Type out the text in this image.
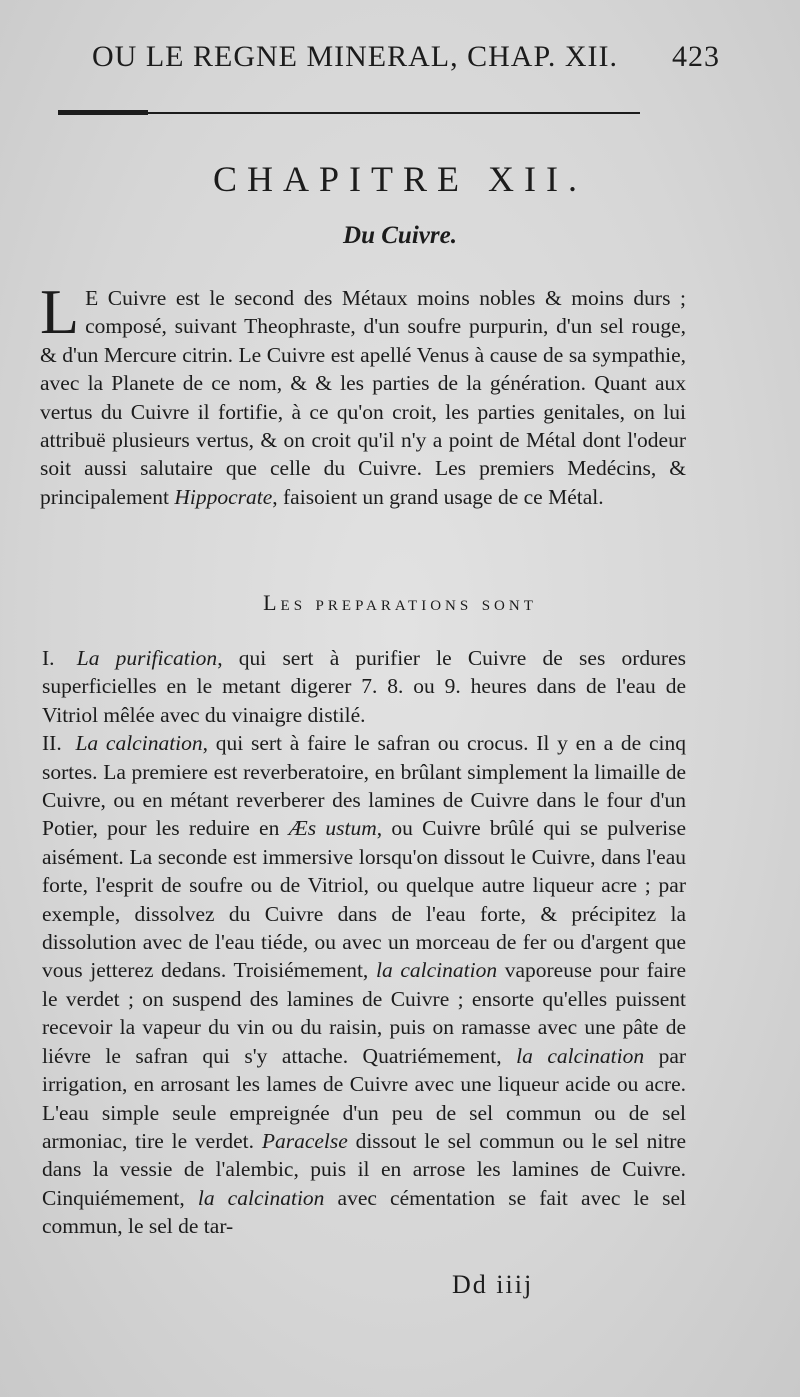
OU LE REGNE MINERAL, CHAP. XII. 423
CHAPITRE XII.
Du Cuivre.
L E Cuivre est le second des Métaux moins nobles & moins durs ; composé, suivant Theophraste, d'un soufre purpurin, d'un sel rouge, & d'un Mercure citrin. Le Cuivre est apellé Venus à cause de sa sympathie, avec la Planete de ce nom, & & les parties de la génération. Quant aux vertus du Cuivre il fortifie, à ce qu'on croit, les parties genitales, on lui attribuë plusieurs vertus, & on croit qu'il n'y a point de Métal dont l'odeur soit aussi salutaire que celle du Cuivre. Les premiers Medécins, & principalement Hippocrate, faisoient un grand usage de ce Métal.
Les preparations sont

I. La purification, qui sert à purifier le Cuivre de ses ordures superficielles en le metant digerer 7. 8. ou 9. heures dans de l'eau de Vitriol mêlée avec du vinaigre distilé.

II. La calcination, qui sert à faire le safran ou crocus. Il y en a de cinq sortes. La premiere est reverberatoire, en brûlant simplement la limaille de Cuivre, ou en métant reverberer des lamines de Cuivre dans le four d'un Potier, pour les reduire en Æs ustum, ou Cuivre brûlé qui se pulverise aisément. La seconde est immersive lorsqu'on dissout le Cuivre, dans l'eau forte, l'esprit de soufre ou de Vitriol, ou quelque autre liqueur acre ; par exemple, dissolvez du Cuivre dans de l'eau forte, & précipitez la dissolution avec de l'eau tiéde, ou avec un morceau de fer ou d'argent que vous jetterez dedans. Troisiémement, la calcination vaporeuse pour faire le verdet ; on suspend des lamines de Cuivre ; ensorte qu'elles puissent recevoir la vapeur du vin ou du raisin, puis on ramasse avec une pâte de liévre le safran qui s'y attache. Quatriémement, la calcination par irrigation, en arrosant les lames de Cuivre avec une liqueur acide ou acre. L'eau simple seule empreignée d'un peu de sel commun ou de sel armoniac, tire le verdet. Paracelse dissout le sel commun ou le sel nitre dans la vessie de l'alembic, puis il en arrose les lamines de Cuivre. Cinquiémement, la calcination avec cémentation se fait avec le sel commun, le sel de tar-

Dd iiij
